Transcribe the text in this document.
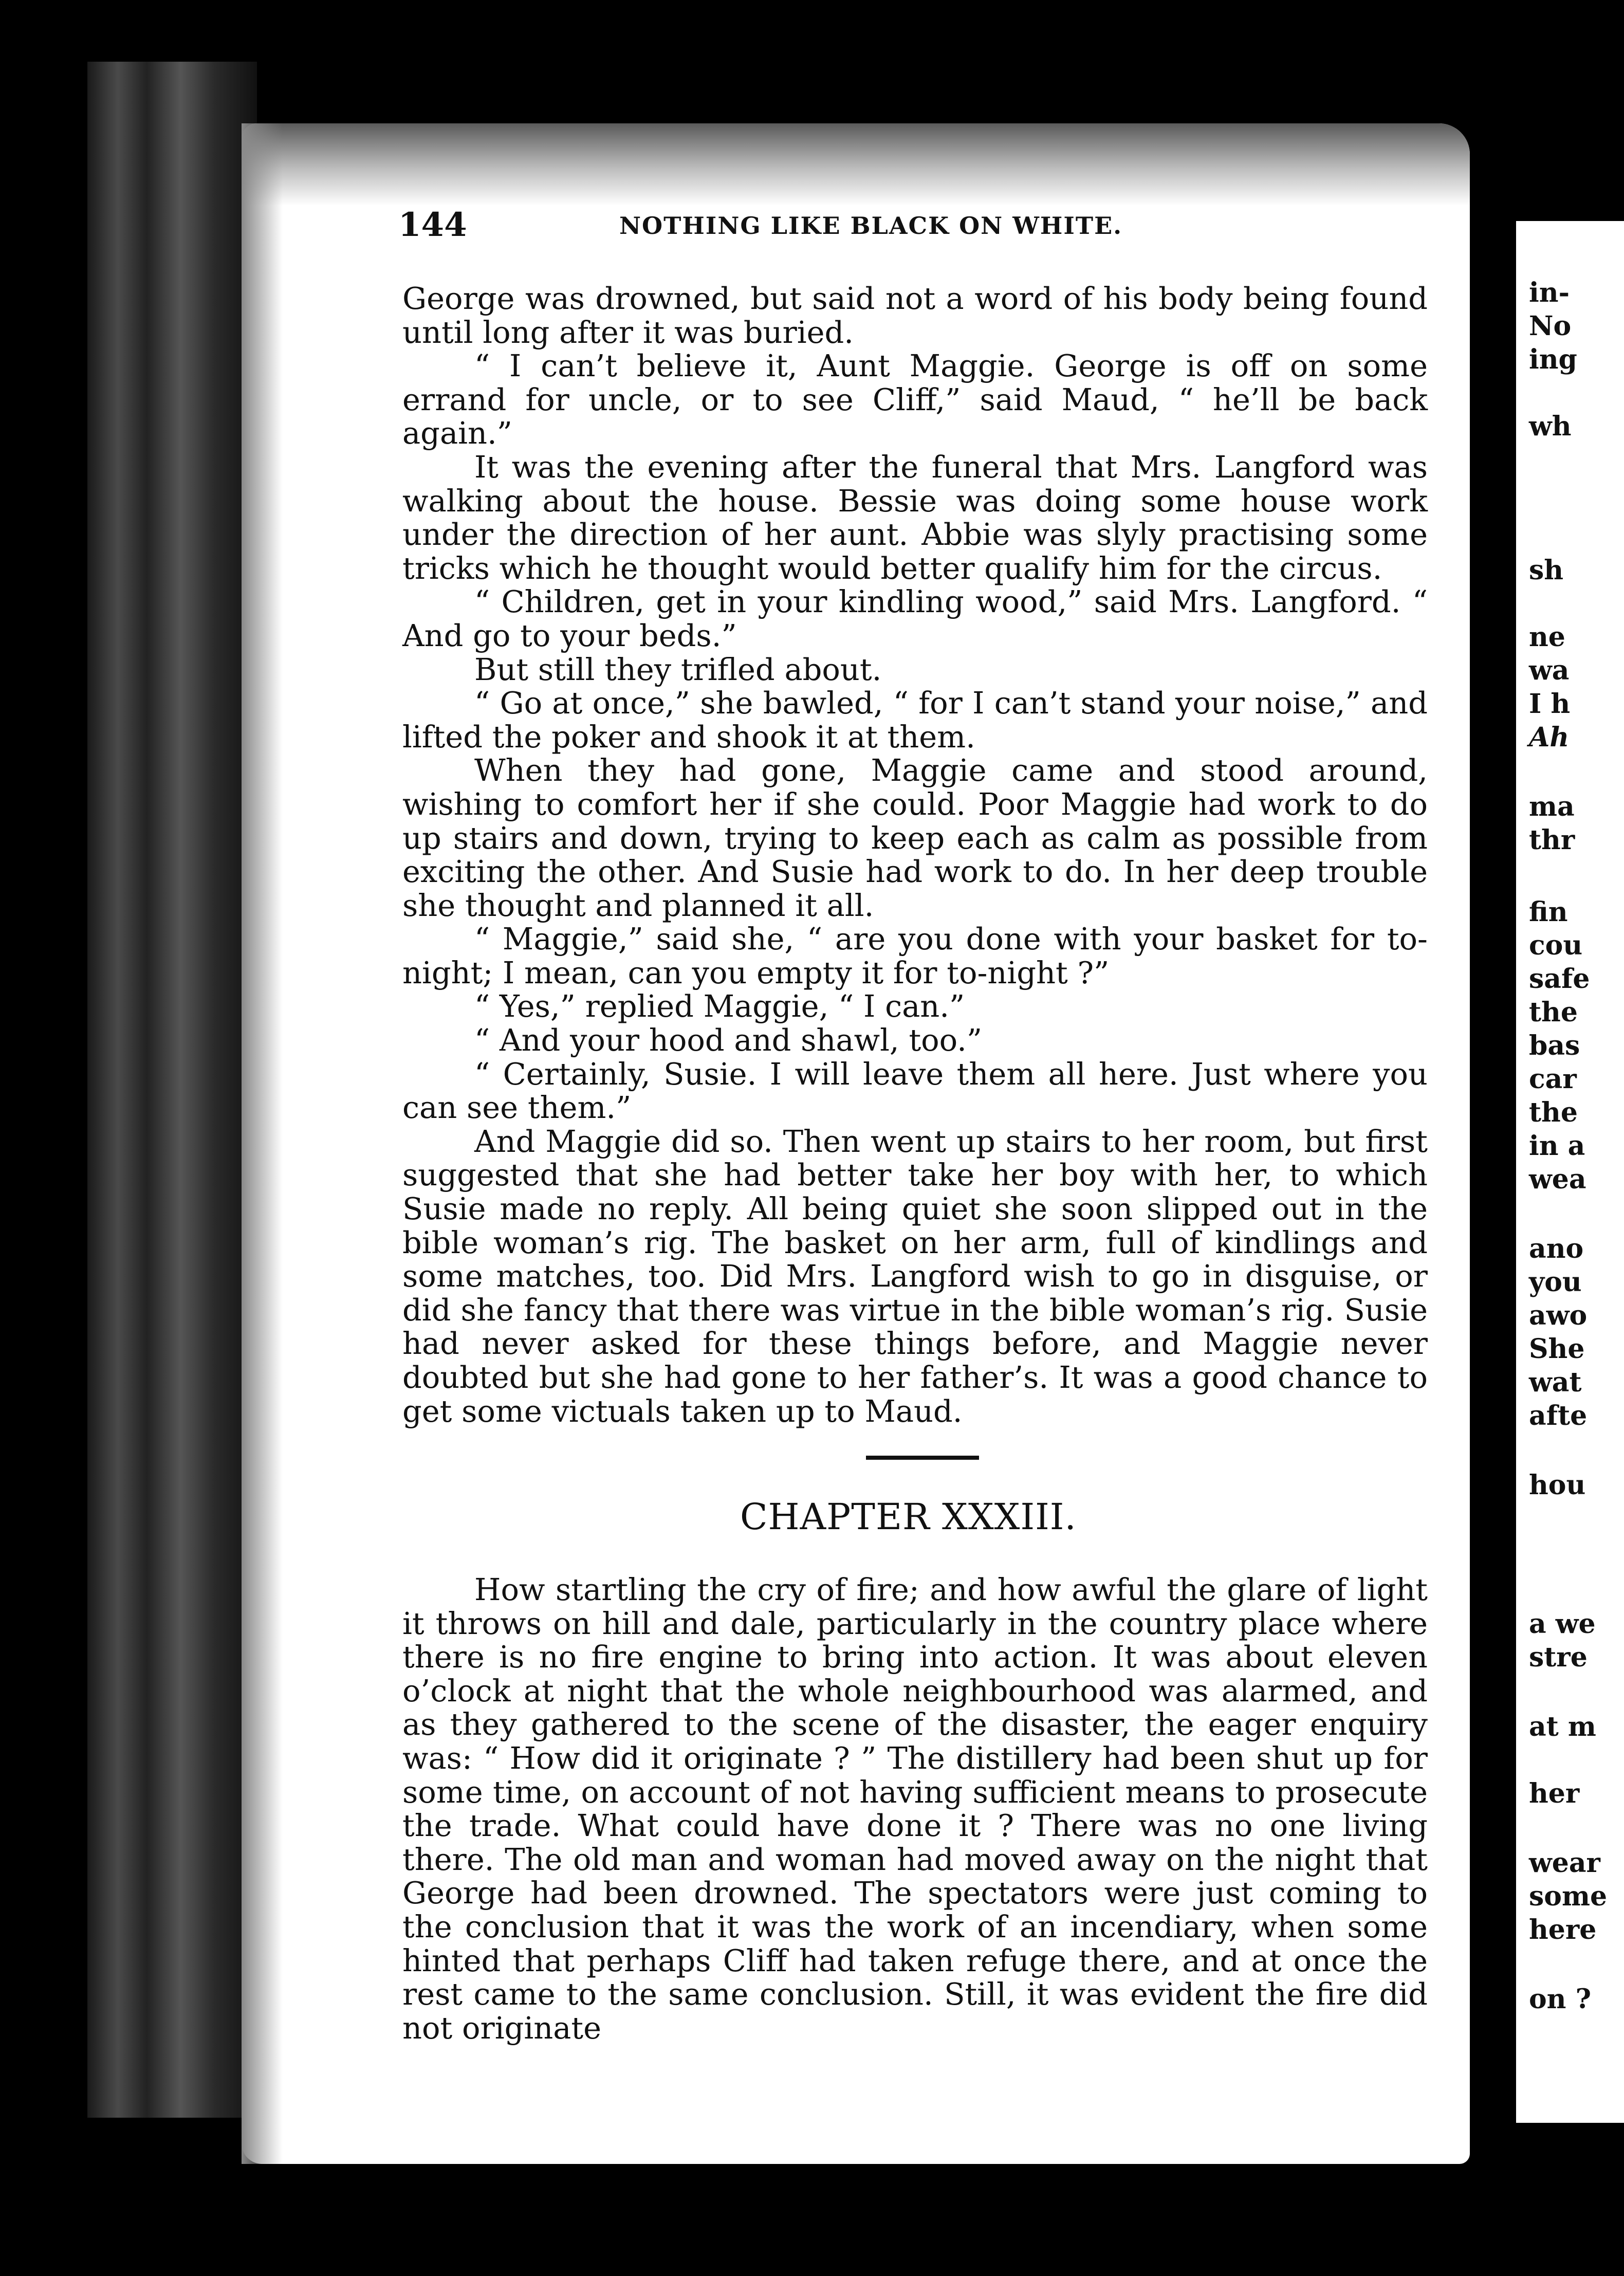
144	NOTHING LIKE BLACK ON WHITE.

George was drowned, but said not a word of his body being found until long after it was buried.

“ I can’t believe it, Aunt Maggie. George is off on some errand for uncle, or to see Cliff,” said Maud, “ he’ll be back again.”

It was the evening after the funeral that Mrs. Langford was walking about the house. Bessie was doing some house work under the direction of her aunt. Abbie was slyly practising some tricks which he thought would better qualify him for the circus.

“ Children, get in your kindling wood,” said Mrs. Langford. “ And go to your beds.”

But still they trifled about.

“ Go at once,” she bawled, “ for I can’t stand your noise,” and lifted the poker and shook it at them.

When they had gone, Maggie came and stood around, wishing to comfort her if she could. Poor Maggie had work to do up stairs and down, trying to keep each as calm as possible from exciting the other. And Susie had work to do. In her deep trouble she thought and planned it all.

“ Maggie,” said she, “ are you done with your basket for to-night; I mean, can you empty it for to-night ?”

“ Yes,” replied Maggie, “ I can.”

“ And your hood and shawl, too.”

“ Certainly, Susie. I will leave them all here. Just where you can see them.”

And Maggie did so. Then went up stairs to her room, but first suggested that she had better take her boy with her, to which Susie made no reply. All being quiet she soon slipped out in the bible woman’s rig. The basket on her arm, full of kindlings and some matches, too. Did Mrs. Langford wish to go in disguise, or did she fancy that there was virtue in the bible woman’s rig. Susie had never asked for these things before, and Maggie never doubted but she had gone to her father’s. It was a good chance to get some victuals taken up to Maud.

CHAPTER XXXIII.

How startling the cry of fire; and how awful the glare of light it throws on hill and dale, particularly in the country place where there is no fire engine to bring into action. It was about eleven o’clock at night that the whole neighbourhood was alarmed, and as they gathered to the scene of the disaster, the eager enquiry was: “ How did it originate ? ” The distillery had been shut up for some time, on account of not having sufficient means to prosecute the trade. What could have done it ? There was no one living there. The old man and woman had moved away on the night that George had been drowned. The spectators were just coming to the conclusion that it was the work of an incendiary, when some hinted that perhaps Cliff had taken refuge there, and at once the rest came to the same conclusion. Still, it was evident the fire did not originate

in-
No
ing
wh
sh
ne
wa
I h
Ah
ma
thr
fin
cou
safe
the
bas
car
the
in a
wea
ano
you
awo
She
wat
afte
hou
a we
stre
at m
her
wear
some
here
on ?
